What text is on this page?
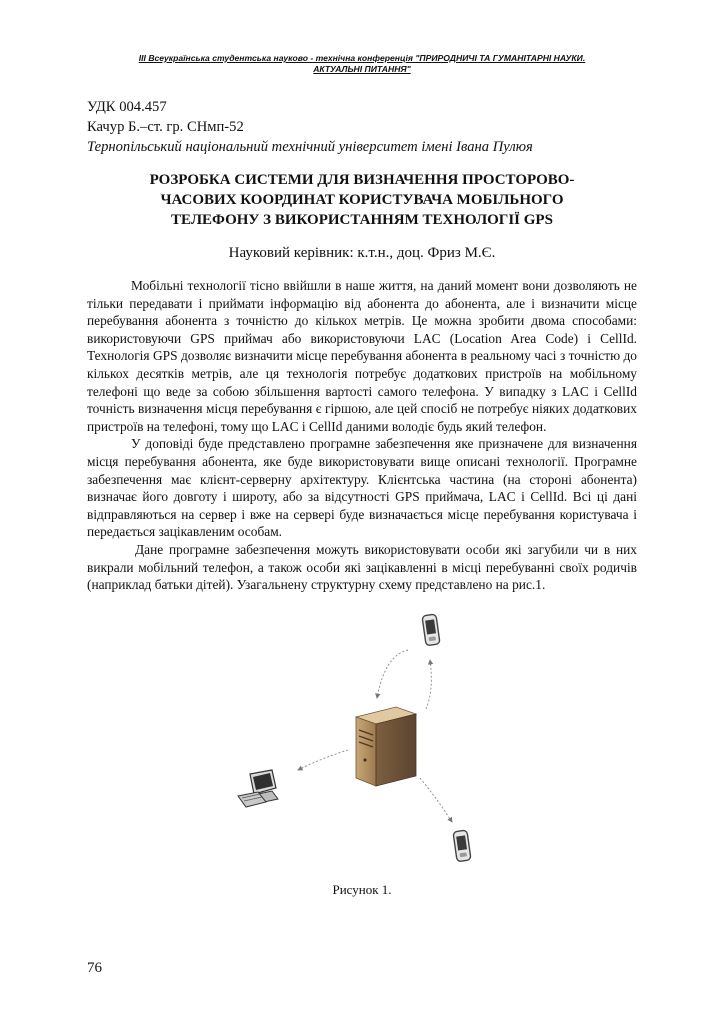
III Всеукраїнська студентська науково - технічна конференція "ПРИРОДНИЧІ ТА ГУМАНІТАРНІ НАУКИ.
АКТУАЛЬНІ ПИТАННЯ"
УДК 004.457
Качур Б.–ст. гр. СНмп-52
Тернопільський національний технічний університет імені Івана Пулюя
РОЗРОБКА СИСТЕМИ ДЛЯ ВИЗНАЧЕННЯ ПРОСТОРОВО-
ЧАСОВИХ КООРДИНАТ КОРИСТУВАЧА МОБІЛЬНОГО
ТЕЛЕФОНУ З ВИКОРИСТАННЯМ ТЕХНОЛОГІЇ GPS
Науковий керівник: к.т.н., доц. Фриз М.Є.

Мобільні технології тісно ввійшли в наше життя, на даний момент вони дозволяють не тільки передавати і приймати інформацію від абонента до абонента, але і визначити місце перебування абонента з точністю до кількох метрів. Це можна зробити двома способами: використовуючи GPS приймач або використовуючи LAC (Location Area Code) і CellId. Технологія GPS дозволяє визначити місце перебування абонента в реальному часі з точністю до кількох десятків метрів, але ця технологія потребує додаткових пристроїв на мобільному телефоні що веде за собою збільшення вартості самого телефона. У випадку з LAC і CellId точність визначення місця перебування є гіршою, але цей спосіб не потребує ніяких додаткових пристроїв на телефоні, тому що LAC і CellId даними володіє будь який телефон.

У доповіді буде представлено програмне забезпечення яке призначене для визначення місця перебування абонента, яке буде використовувати вище описані технології. Програмне забезпечення має клієнт-серверну архітектуру. Клієнтська частина (на стороні абонента) визначає його довготу і широту, або за відсутності GPS приймача, LAC і CellId. Всі ці дані відправляються на сервер і вже на сервері буде визначається місце перебування користувача і передається зацікавленим особам.

Дане програмне забезпечення можуть використовувати особи які загубили чи в них викрали мобільний телефон, а також особи які зацікавленні в місці перебуванні своїх родичів (наприклад батьки дітей). Узагальнену структурну схему представлено на рис.1.

Рисунок 1.
76
